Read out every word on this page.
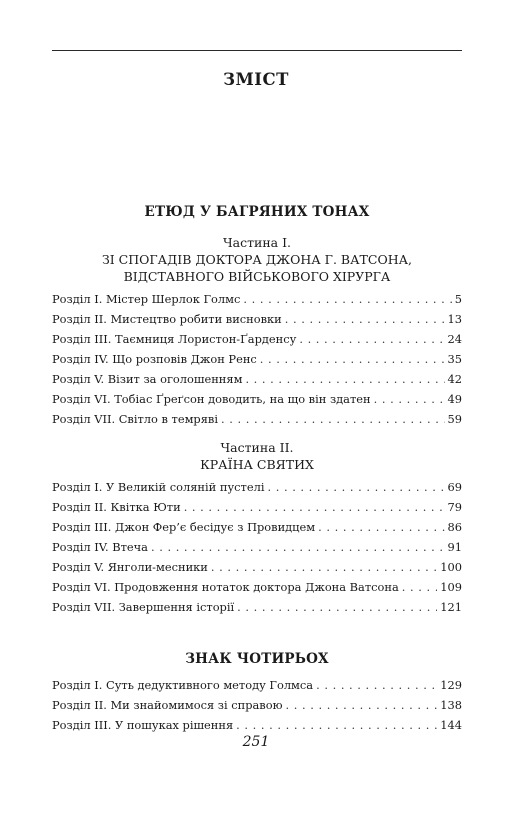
ЗМІСТ
ЕТЮД У БАГРЯНИХ ТОНАХ
Частина I.
ЗІ СПОГАДІВ ДОКТОРА ДЖОНА Г. ВАТСОНА,
ВІДСТАВНОГО ВІЙСЬКОВОГО ХІРУРГА
Розділ I. Містер Шерлок Голмс . . .	5
Розділ II. Мистецтво робити висновки . . .	13
Розділ III. Таємниця Лористон-Ґарденсу . . .	24
Розділ IV. Що розповів Джон Ренс . . .	35
Розділ V. Візит за оголошенням . . .	42
Розділ VI. Тобіас Ґреґсон доводить, на що він здатен . . .	49
Розділ VII. Світло в темряві . . .	59
Частина II.
КРАЇНА СВЯТИХ
Розділ I. У Великій соляній пустелі . . .	69
Розділ II. Квітка Юти . . .	79
Розділ III. Джон Фер’є бесідує з Провидцем . . .	86
Розділ IV. Втеча . . .	91
Розділ V. Янголи-месники . . .	100
Розділ VI. Продовження нотаток доктора Джона Ватсона . . .	109
Розділ VII. Завершення історії . . .	121
ЗНАК ЧОТИРЬОХ
Розділ I. Суть дедуктивного методу Голмса . . .	129
Розділ II. Ми знайомимося зі справою . . .	138
Розділ III. У пошуках рішення . . .	144
251
